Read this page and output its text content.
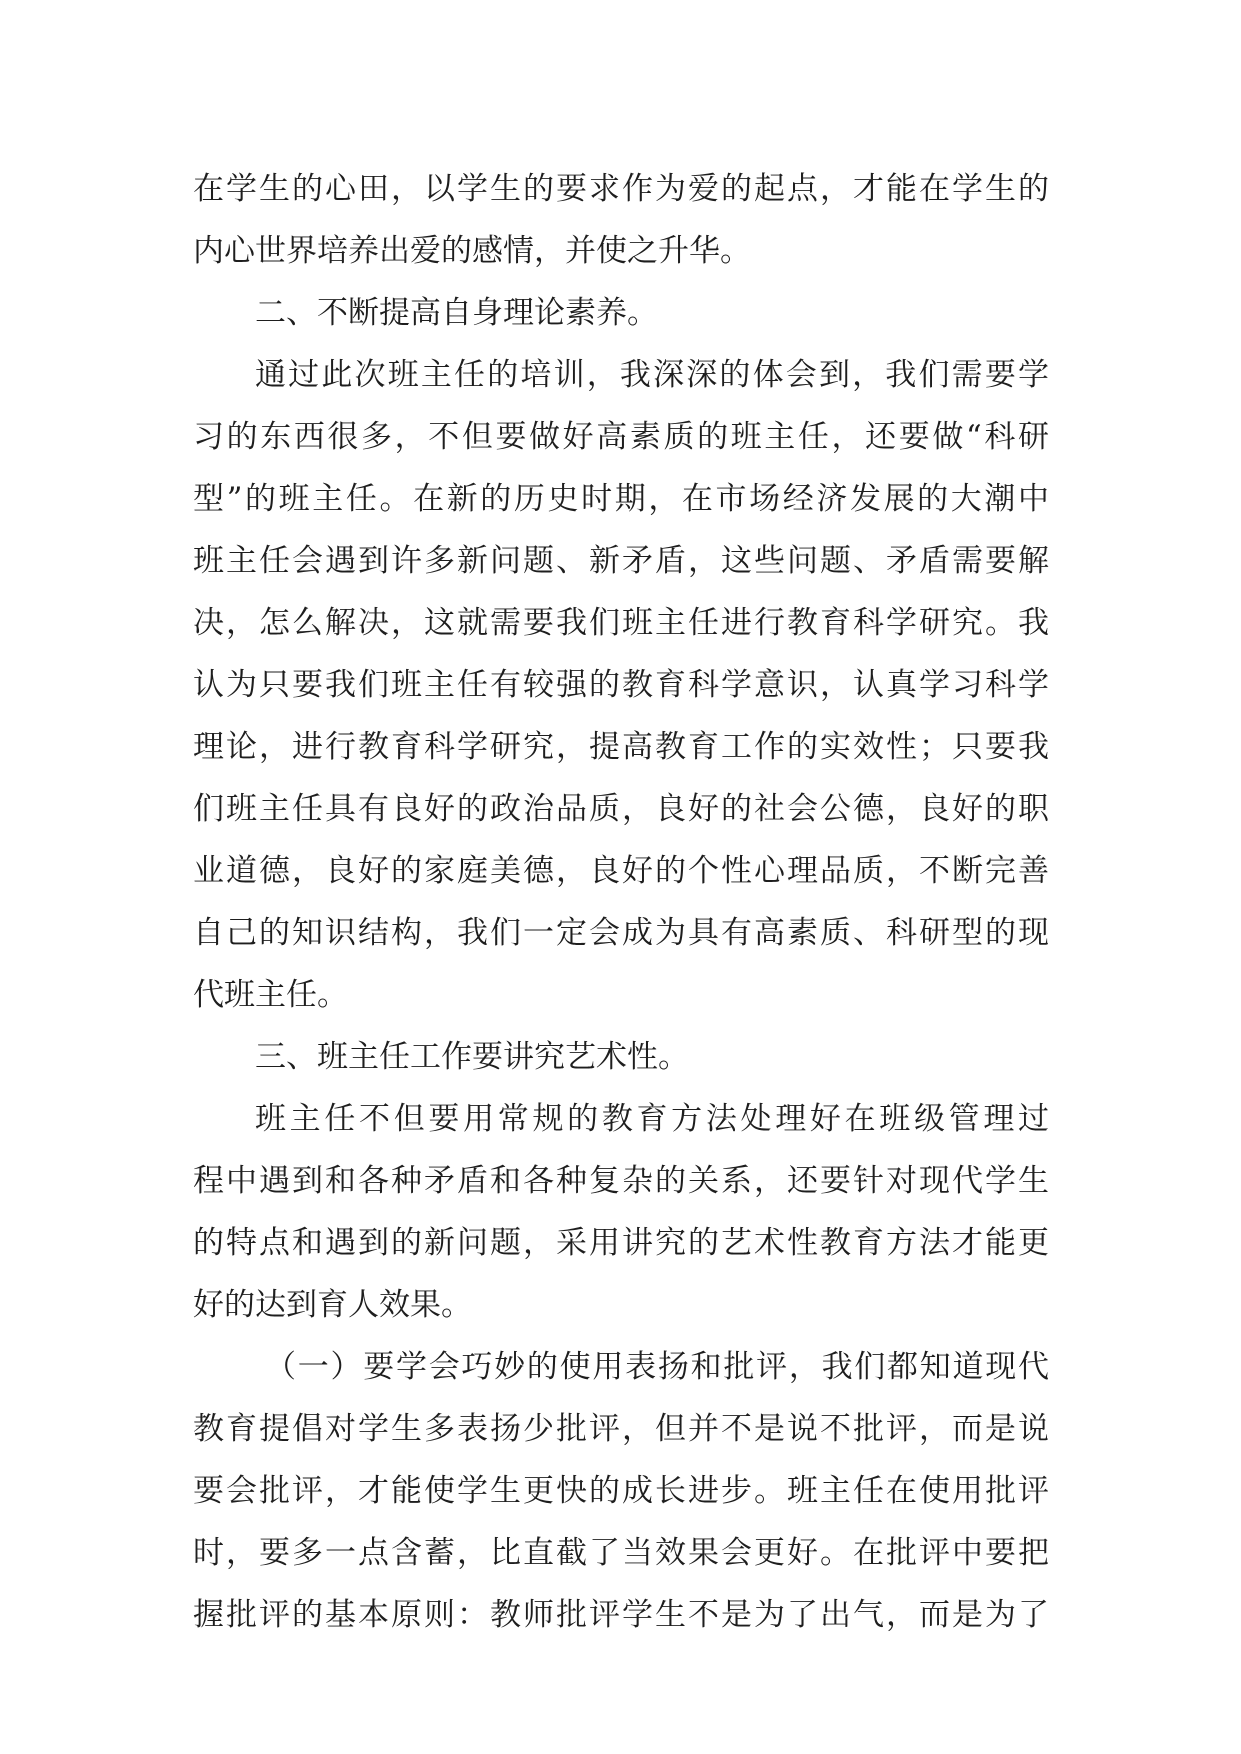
在学生的心田，以学生的要求作为爱的起点，才能在学生的
内心世界培养出爱的感情，并使之升华。
二、不断提高自身理论素养。
通过此次班主任的培训，我深深的体会到，我们需要学
习的东西很多，不但要做好高素质的班主任，还要做“科研
型”的班主任。在新的历史时期，在市场经济发展的大潮中
班主任会遇到许多新问题、新矛盾，这些问题、矛盾需要解
决，怎么解决，这就需要我们班主任进行教育科学研究。我
认为只要我们班主任有较强的教育科学意识，认真学习科学
理论，进行教育科学研究，提高教育工作的实效性；只要我
们班主任具有良好的政治品质，良好的社会公德，良好的职
业道德，良好的家庭美德，良好的个性心理品质，不断完善
自己的知识结构，我们一定会成为具有高素质、科研型的现
代班主任。
三、班主任工作要讲究艺术性。
班主任不但要用常规的教育方法处理好在班级管理过
程中遇到和各种矛盾和各种复杂的关系，还要针对现代学生
的特点和遇到的新问题，采用讲究的艺术性教育方法才能更
好的达到育人效果。
（一）要学会巧妙的使用表扬和批评，我们都知道现代
教育提倡对学生多表扬少批评，但并不是说不批评，而是说
要会批评，才能使学生更快的成长进步。班主任在使用批评
时，要多一点含蓄，比直截了当效果会更好。在批评中要把
握批评的基本原则：教师批评学生不是为了出气，而是为了
